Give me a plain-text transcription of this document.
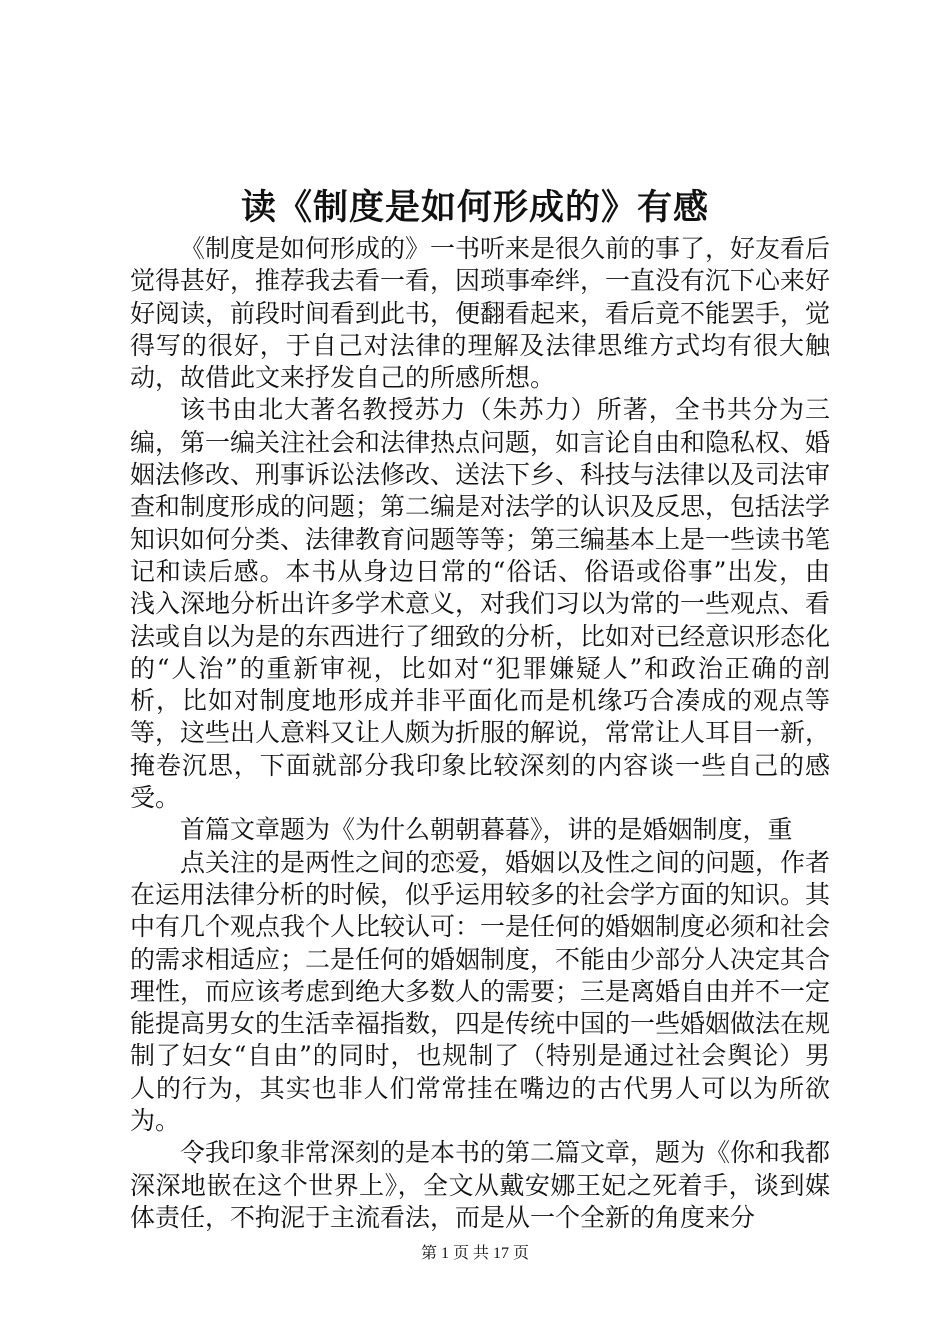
读《制度是如何形成的》有感

《制度是如何形成的》一书听来是很久前的事了，好友看后觉得甚好，推荐我去看一看，因琐事牵绊，一直没有沉下心来好好阅读，前段时间看到此书，便翻看起来，看后竟不能罢手，觉得写的很好，于自己对法律的理解及法律思维方式均有很大触动，故借此文来抒发自己的所感所想。

该书由北大著名教授苏力（朱苏力）所著，全书共分为三编，第一编关注社会和法律热点问题，如言论自由和隐私权、婚姻法修改、刑事诉讼法修改、送法下乡、科技与法律以及司法审查和制度形成的问题；第二编是对法学的认识及反思，包括法学知识如何分类、法律教育问题等等；第三编基本上是一些读书笔记和读后感。本书从身边日常的“俗话、俗语或俗事”出发，由浅入深地分析出许多学术意义，对我们习以为常的一些观点、看法或自以为是的东西进行了细致的分析，比如对已经意识形态化的“人治”的重新审视，比如对“犯罪嫌疑人”和政治正确的剖析，比如对制度地形成并非平面化而是机缘巧合凑成的观点等等，这些出人意料又让人颇为折服的解说，常常让人耳目一新，掩卷沉思，下面就部分我印象比较深刻的内容谈一些自己的感受。

首篇文章题为《为什么朝朝暮暮》，讲的是婚姻制度，重

点关注的是两性之间的恋爱，婚姻以及性之间的问题，作者在运用法律分析的时候，似乎运用较多的社会学方面的知识。其中有几个观点我个人比较认可：一是任何的婚姻制度必须和社会的需求相适应；二是任何的婚姻制度，不能由少部分人决定其合理性，而应该考虑到绝大多数人的需要；三是离婚自由并不一定能提高男女的生活幸福指数，四是传统中国的一些婚姻做法在规制了妇女“自由”的同时，也规制了（特别是通过社会舆论）男人的行为，其实也非人们常常挂在嘴边的古代男人可以为所欲为。

令我印象非常深刻的是本书的第二篇文章，题为《你和我都深深地嵌在这个世界上》，全文从戴安娜王妃之死着手，谈到媒体责任，不拘泥于主流看法，而是从一个全新的角度来分

第 1 页 共 17 页
